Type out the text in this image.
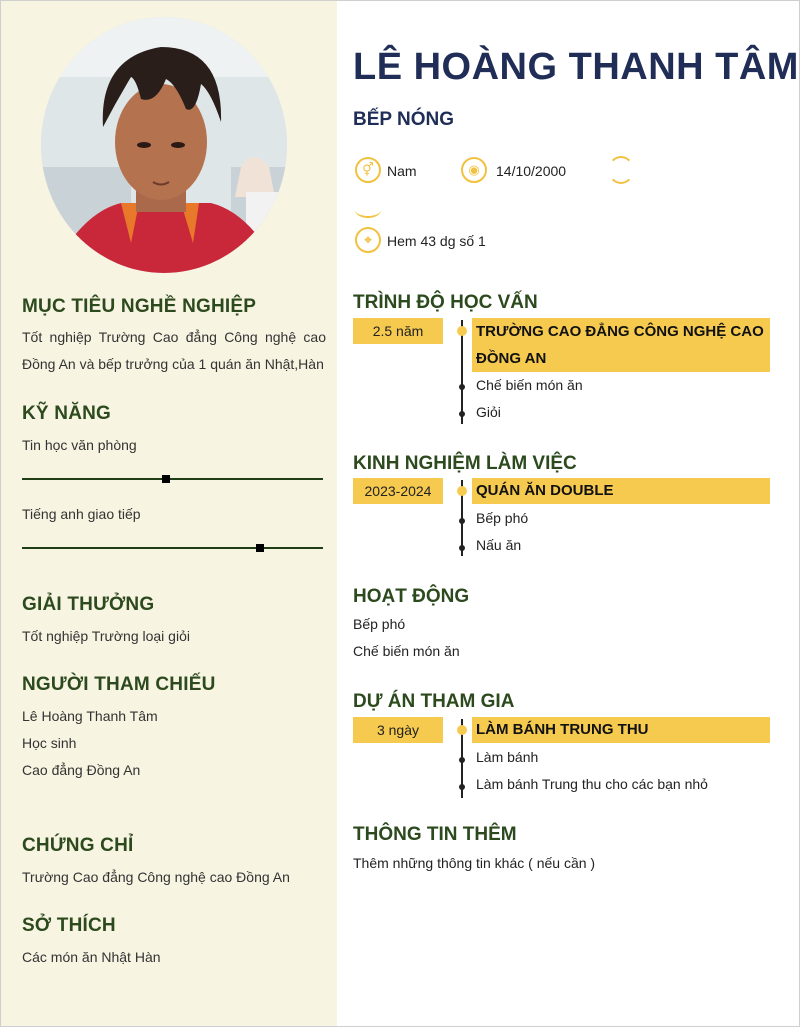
MỤC TIÊU NGHỀ NGHIỆP
Tốt nghiệp Trường Cao đẳng Công nghệ cao Đồng An và bếp trưởng của 1 quán ăn Nhật,Hàn
KỸ NĂNG
Tin học văn phòng
Tiếng anh giao tiếp
GIẢI THƯỞNG
Tốt nghiệp Trường loại giỏi
NGƯỜI THAM CHIẾU
Lê Hoàng Thanh Tâm
Học sinh
Cao đẳng Đồng An
CHỨNG CHỈ
Trường Cao đẳng Công nghệ cao Đồng An
SỞ THÍCH
Các món ăn Nhật Hàn
LÊ HOÀNG THANH TÂM
BẾP NÓNG
⚥ Nam	◉	14/10/2000
⌖	Hem 43 dg số 1
TRÌNH ĐỘ HỌC VẤN
2.5 năm	TRƯỜNG CAO ĐẲNG CÔNG NGHỆ CAO
ĐỒNG AN
Chế biến món ăn
Giỏi
KINH NGHIỆM LÀM VIỆC
2023-2024	QUÁN ĂN DOUBLE
Bếp phó
Nấu ăn
HOẠT ĐỘNG
Bếp phó
Chế biến món ăn
DỰ ÁN THAM GIA
3 ngày	LÀM BÁNH TRUNG THU
Làm bánh
Làm bánh Trung thu cho các bạn nhỏ
THÔNG TIN THÊM
Thêm những thông tin khác ( nếu cần )
